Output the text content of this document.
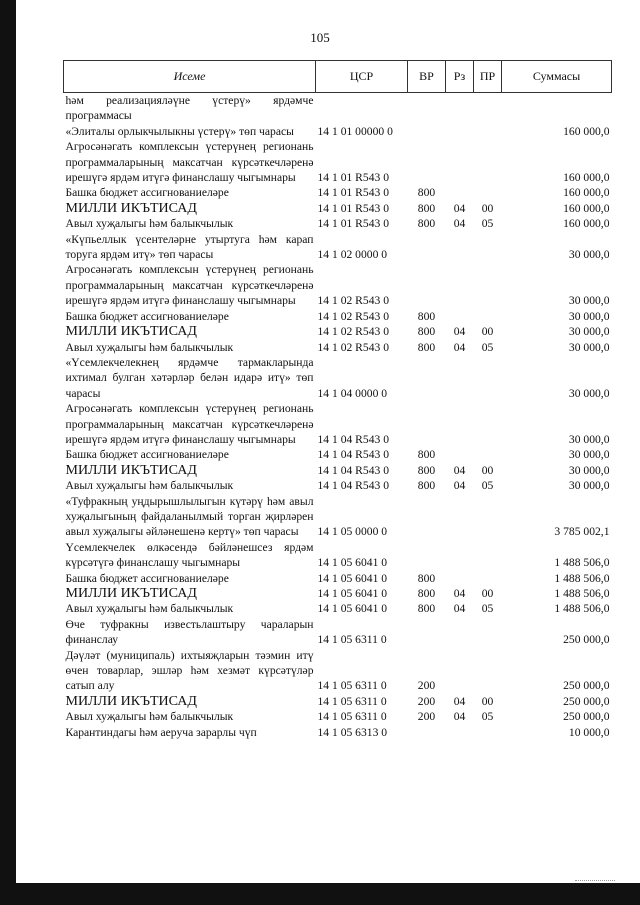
105
Исеме	ЦСР	ВР	Рз	ПР	Суммасы
һәм реализацияләүне үстерү» ярдәмче программасы					
«Элиталы орлыкчылыкны үстерү» төп чарасы	14 1 01 00000 0				160 000,0
Агросәнәгать комплексын үстерүнең регионань программаларының максатчан күрсәткечләренә ирешүгә ярдәм итүгә финанслашу чыгымнары	14 1 01 R543 0				160 000,0
Башка бюджет ассигнованиеләре	14 1 01 R543 0	800			160 000,0
МИЛЛИ ИКЪТИСАД	14 1 01 R543 0	800	04	00	160 000,0
Авыл хуҗалыгы һәм балыкчылык	14 1 01 R543 0	800	04	05	160 000,0
«Күпьеллык үсентеләрне утыртуга һәм карап торуга ярдәм итү» төп чарасы	14 1 02 0000 0				30 000,0
Агросәнәгать комплексын үстерүнең регионань программаларының максатчан күрсәткечләренә ирешүгә ярдәм итүгә финанслашу чыгымнары	14 1 02 R543 0				30 000,0
Башка бюджет ассигнованиеләре	14 1 02 R543 0	800			30 000,0
МИЛЛИ ИКЪТИСАД	14 1 02 R543 0	800	04	00	30 000,0
Авыл хуҗалыгы һәм балыкчылык	14 1 02 R543 0	800	04	05	30 000,0
«Үсемлекчелекнең ярдәмче тармакларында ихтимал булган хәтәрләр белән идарә итү» төп чарасы	14 1 04 0000 0				30 000,0
Агросәнәгать комплексын үстерүнең регионань программаларының максатчан күрсәткечләренә ирешүгә ярдәм итүгә финанслашу чыгымнары	14 1 04 R543 0				30 000,0
Башка бюджет ассигнованиеләре	14 1 04 R543 0	800			30 000,0
МИЛЛИ ИКЪТИСАД	14 1 04 R543 0	800	04	00	30 000,0
Авыл хуҗалыгы һәм балыкчылык	14 1 04 R543 0	800	04	05	30 000,0
«Туфракның уңдырышлылыгын күтәрү һәм авыл хуҗалыгының файдаланылмый торган җирләрен авыл хуҗалыгы әйләнешенә кертү» төп чарасы	14 1 05 0000 0				3 785 002,1
Үсемлекчелек өлкәсендә бәйләнешсез ярдәм күрсәтүгә финанслашу чыгымнары	14 1 05 6041 0				1 488 506,0
Башка бюджет ассигнованиеләре	14 1 05 6041 0	800			1 488 506,0
МИЛЛИ ИКЪТИСАД	14 1 05 6041 0	800	04	00	1 488 506,0
Авыл хуҗалыгы һәм балыкчылык	14 1 05 6041 0	800	04	05	1 488 506,0
Өче туфракны известьлаштыру чараларын финанслау	14 1 05 6311 0				250 000,0
Дәүләт (муниципаль) ихтыяҗларын тәэмин итү өчен товарлар, эшләр һәм хезмәт күрсәтүләр сатып алу	14 1 05 6311 0	200			250 000,0
МИЛЛИ ИКЪТИСАД	14 1 05 6311 0	200	04	00	250 000,0
Авыл хуҗалыгы һәм балыкчылык	14 1 05 6311 0	200	04	05	250 000,0
Карантиндагы һәм аеруча зарарлы чүп	14 1 05 6313 0				10 000,0
